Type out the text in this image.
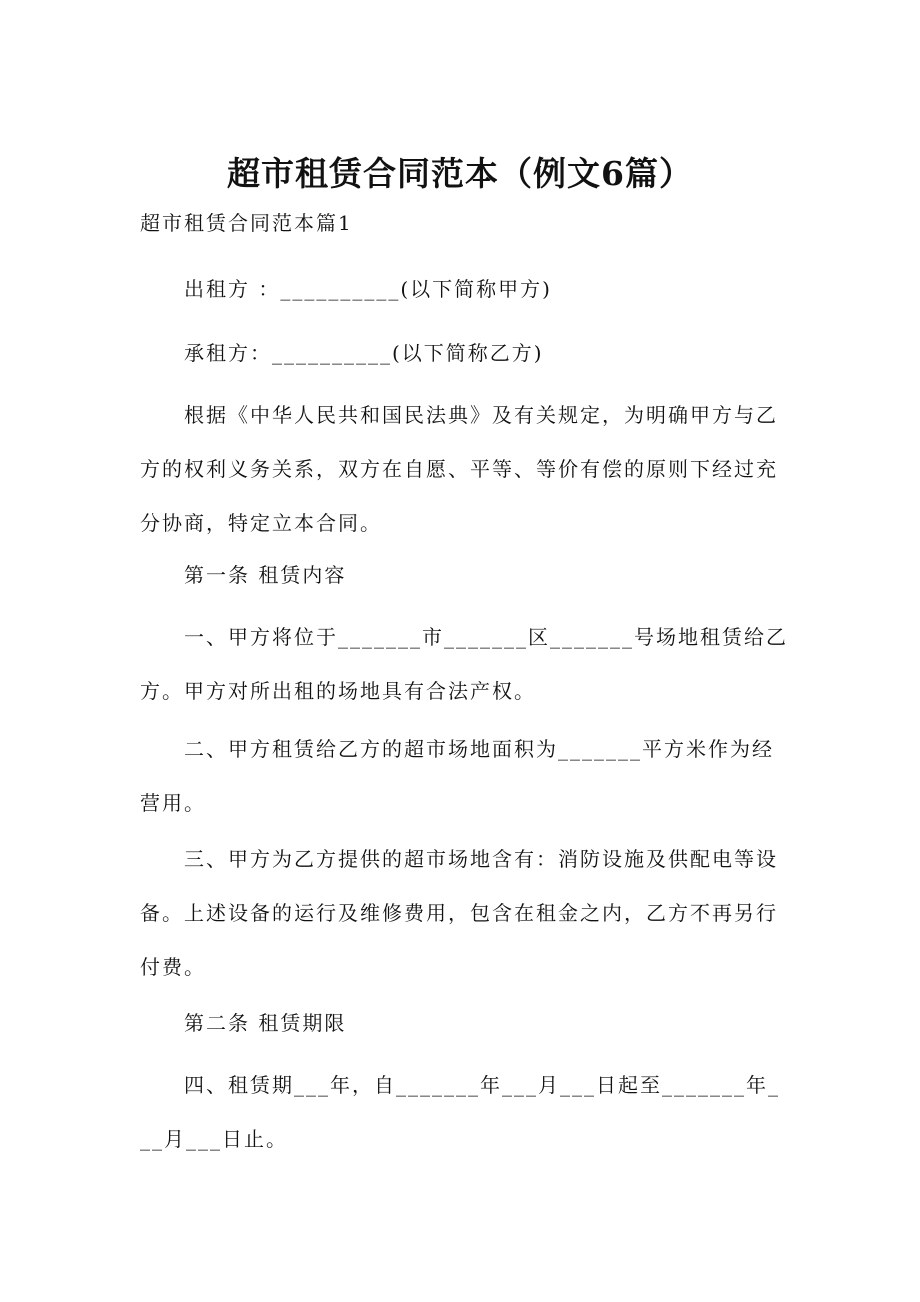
超市租赁合同范本（例文6篇）
超市租赁合同范本篇1
出租方 ：__________(以下简称甲方)
承租方：__________(以下简称乙方)
根据《中华人民共和国民法典》及有关规定，为明确甲方与乙方的权利义务关系，双方在自愿、平等、等价有偿的原则下经过充分协商，特定立本合同。
第一条 租赁内容
一、甲方将位于_______市_______区_______号场地租赁给乙方。甲方对所出租的场地具有合法产权。
二、甲方租赁给乙方的超市场地面积为_______平方米作为经营用。
三、甲方为乙方提供的超市场地含有：消防设施及供配电等设备。上述设备的运行及维修费用，包含在租金之内，乙方不再另行付费。
第二条 租赁期限
四、租赁期___年，自_______年___月___日起至_______年___月___日止。
